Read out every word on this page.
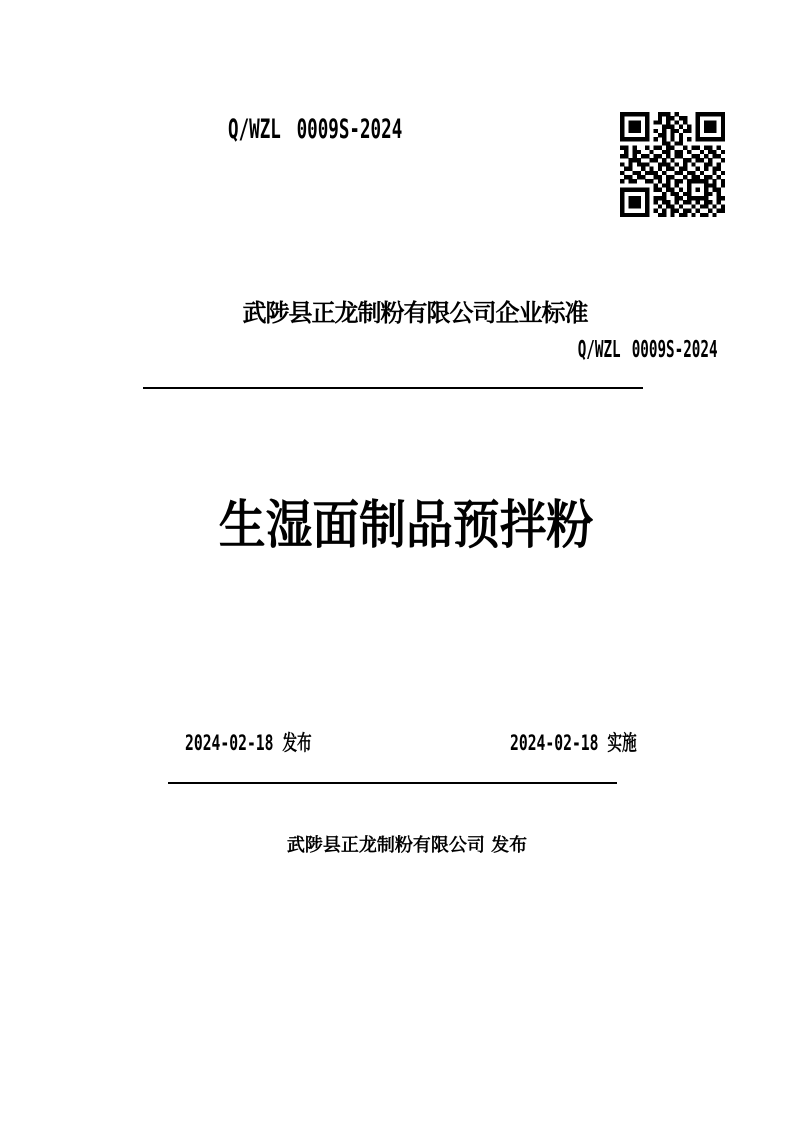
Q/WZL 0009S-2024
武陟县正龙制粉有限公司企业标准
Q/WZL 0009S-2024
生湿面制品预拌粉
2024-02-18 发布	2024-02-18 实施
武陟县正龙制粉有限公司 发布
